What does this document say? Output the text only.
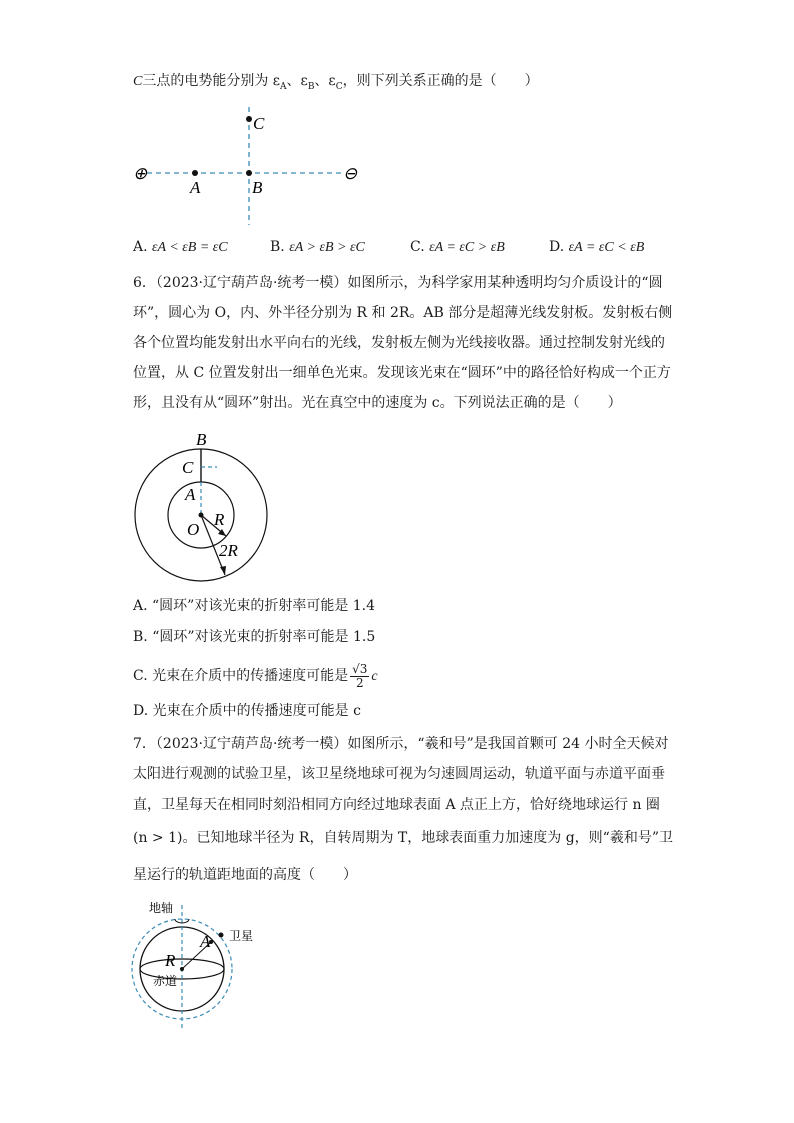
C三点的电势能分别为 $\varepsilon_A$、$\varepsilon_B$、$\varepsilon_C$，则下列关系正确的是（　　）
⊕	⊖
A	B
C
A. εA < εB = εC	B. εA > εB > εC	C. εA = εC > εB	D. εA = εC < εB
6．（2023·辽宁葫芦岛·统考一模）如图所示，为科学家用某种透明均匀介质设计的“圆
环”，圆心为 O，内、外半径分别为 R 和 2R。AB 部分是超薄光线发射板。发射板右侧
各个位置均能发射出水平向右的光线，发射板左侧为光线接收器。通过控制发射光线的
位置，从 C 位置发射出一细单色光束。发现该光束在“圆环”中的路径恰好构成一个正方
形，且没有从“圆环”射出。光在真空中的速度为 c。下列说法正确的是（　　）
B
C
A
O
R
2R
A. “圆环”对该光束的折射率可能是 1.4
B. “圆环”对该光束的折射率可能是 1.5
C. 光束在介质中的传播速度可能是 $\frac{√3}{2}$ c
D. 光束在介质中的传播速度可能是 c
7．（2023·辽宁葫芦岛·统考一模）如图所示，“羲和号”是我国首颗可 24 小时全天候对
太阳进行观测的试验卫星，该卫星绕地球可视为匀速圆周运动，轨道平面与赤道平面垂
直，卫星每天在相同时刻沿相同方向经过地球表面 A 点正上方，恰好绕地球运行 n 圈
(n > 1)。已知地球半径为 R，自转周期为 T，地球表面重力加速度为 g，则“羲和号”卫
星运行的轨道距地面的高度（　　）
地轴
卫星
赤道
A
R
